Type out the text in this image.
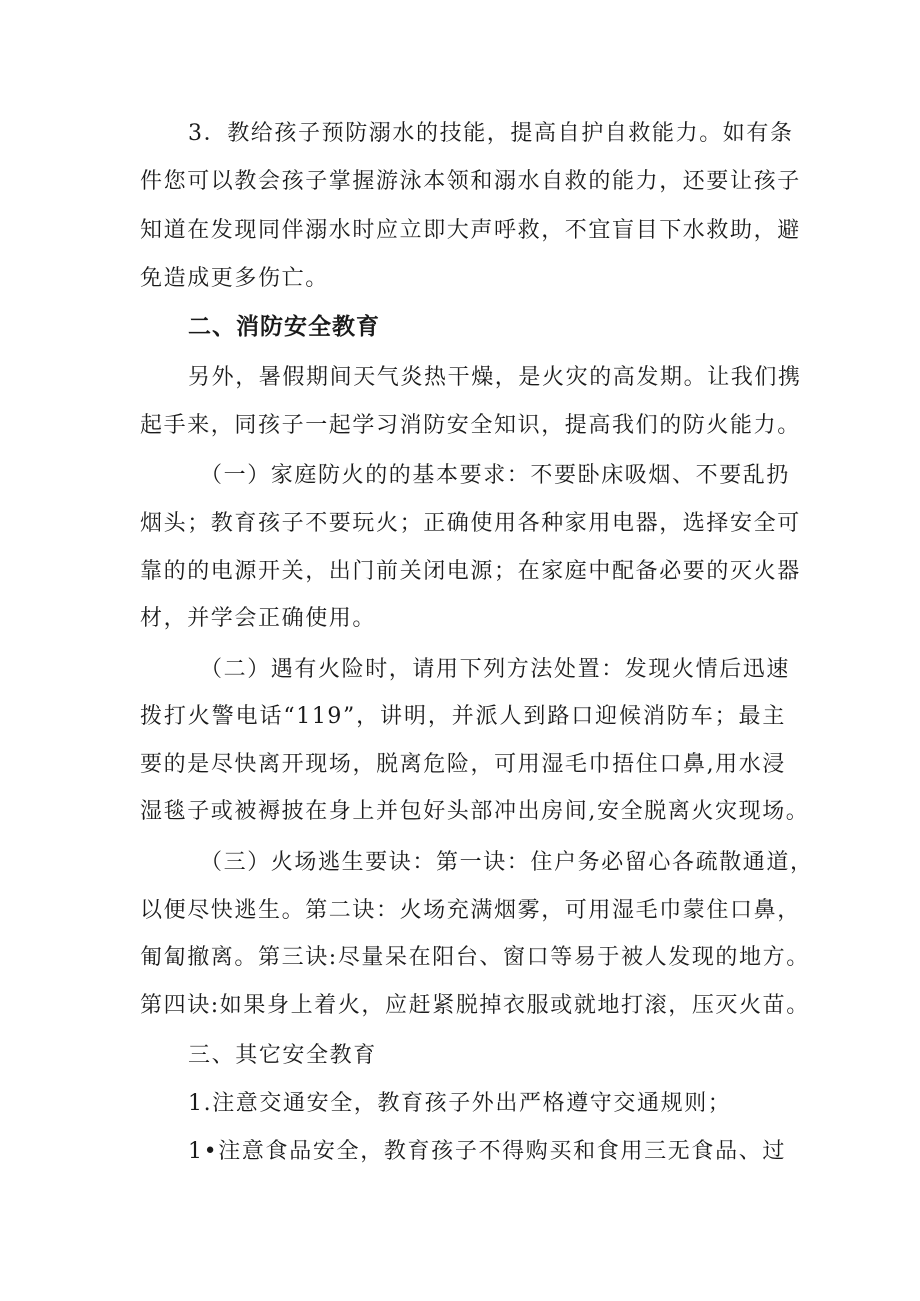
3．教给孩子预防溺水的技能，提高自护自救能力。如有条
件您可以教会孩子掌握游泳本领和溺水自救的能力，还要让孩子
知道在发现同伴溺水时应立即大声呼救，不宜盲目下水救助，避
免造成更多伤亡。
二、消防安全教育
另外，暑假期间天气炎热干燥，是火灾的高发期。让我们携
起手来，同孩子一起学习消防安全知识，提高我们的防火能力。
（一）家庭防火的的基本要求：不要卧床吸烟、不要乱扔
烟头；教育孩子不要玩火；正确使用各种家用电器，选择安全可
靠的的电源开关，出门前关闭电源；在家庭中配备必要的灭火器
材，并学会正确使用。
（二）遇有火险时，请用下列方法处置：发现火情后迅速
拨打火警电话“119”，讲明，并派人到路口迎候消防车；最主
要的是尽快离开现场，脱离危险，可用湿毛巾捂住口鼻,用水浸
湿毯子或被褥披在身上并包好头部冲出房间,安全脱离火灾现场。
（三）火场逃生要诀：第一诀：住户务必留心各疏散通道，
以便尽快逃生。第二诀：火场充满烟雾，可用湿毛巾蒙住口鼻，
匍匐撤离。第三诀:尽量呆在阳台、窗口等易于被人发现的地方。
第四诀:如果身上着火，应赶紧脱掉衣服或就地打滚，压灭火苗。
三、其它安全教育
1.注意交通安全，教育孩子外出严格遵守交通规则；
1•注意食品安全，教育孩子不得购买和食用三无食品、过
